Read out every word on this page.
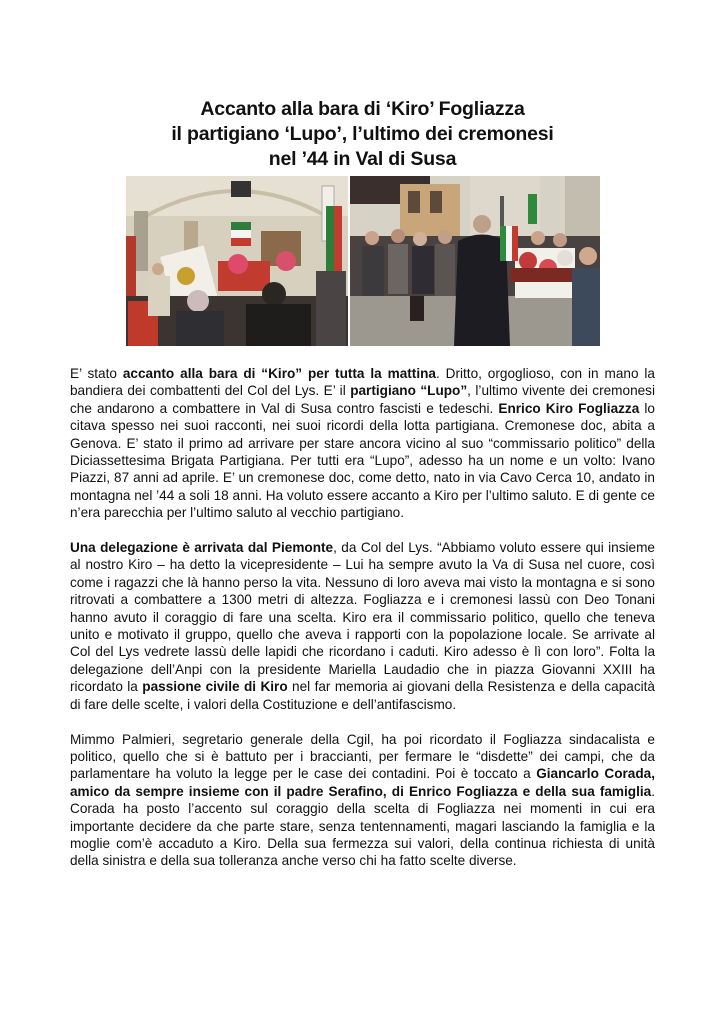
Accanto alla bara di ‘Kiro’ Fogliazza
il partigiano ‘Lupo’, l’ultimo dei cremonesi
nel ’44 in Val di Susa

E’ stato accanto alla bara di “Kiro” per tutta la mattina. Dritto, orgoglioso, con in mano la bandiera dei combattenti del Col del Lys. E’ il partigiano “Lupo”, l’ultimo vivente dei cremonesi che andarono a combattere in Val di Susa contro fascisti e tedeschi. Enrico Kiro Fogliazza lo citava spesso nei suoi racconti, nei suoi ricordi della lotta partigiana. Cremonese doc, abita a Genova. E’ stato il primo ad arrivare per stare ancora vicino al suo “commissario politico” della Diciassettesima Brigata Partigiana. Per tutti era “Lupo”, adesso ha un nome e un volto: Ivano Piazzi, 87 anni ad aprile. E’ un cremonese doc, come detto, nato in via Cavo Cerca 10, andato in montagna nel ’44 a soli 18 anni. Ha voluto essere accanto a Kiro per l’ultimo saluto. E di gente ce n’era parecchia per l’ultimo saluto al vecchio partigiano.

Una delegazione è arrivata dal Piemonte, da Col del Lys. “Abbiamo voluto essere qui insieme al nostro Kiro – ha detto la vicepresidente – Lui ha sempre avuto la Va di Susa nel cuore, così come i ragazzi che là hanno perso la vita. Nessuno di loro aveva mai visto la montagna e si sono ritrovati a combattere a 1300 metri di altezza. Fogliazza e i cremonesi lassù con Deo Tonani hanno avuto il coraggio di fare una scelta. Kiro era il commissario politico, quello che teneva unito e motivato il gruppo, quello che aveva i rapporti con la popolazione locale. Se arrivate al Col del Lys vedrete lassù delle lapidi che ricordano i caduti. Kiro adesso è lì con loro”. Folta la delegazione dell’Anpi con la presidente Mariella Laudadio che in piazza Giovanni XXIII ha ricordato la passione civile di Kiro nel far memoria ai giovani della Resistenza e della capacità di fare delle scelte, i valori della Costituzione e dell’antifascismo.

Mimmo Palmieri, segretario generale della Cgil, ha poi ricordato il Fogliazza sindacalista e politico, quello che si è battuto per i braccianti, per fermare le “disdette” dei campi, che da parlamentare ha voluto la legge per le case dei contadini. Poi è toccato a Giancarlo Corada, amico da sempre insieme con il padre Serafino, di Enrico Fogliazza e della sua famiglia. Corada ha posto l’accento sul coraggio della scelta di Fogliazza nei momenti in cui era importante decidere da che parte stare, senza tentennamenti, magari lasciando la famiglia e la moglie com’è accaduto a Kiro. Della sua fermezza sui valori, della continua richiesta di unità della sinistra e della sua tolleranza anche verso chi ha fatto scelte diverse.
